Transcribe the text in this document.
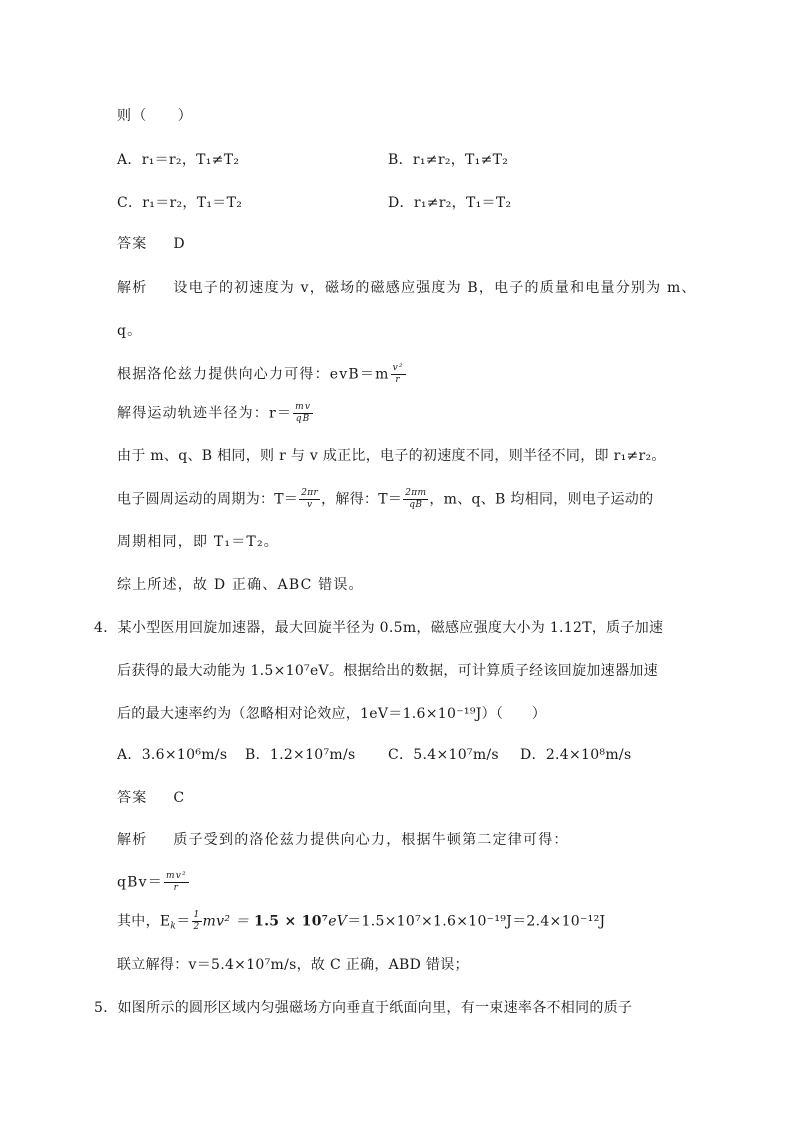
则（　　）
A．r₁＝r₂，T₁≠T₂	B．r₁≠r₂，T₁≠T₂
C．r₁＝r₂，T₁＝T₂	D．r₁≠r₂，T₁＝T₂
答案 D
解析 设电子的初速度为 v，磁场的磁感应强度为 B，电子的质量和电量分别为 m、
q。
根据洛伦兹力提供向心力可得：$evB=m \frac{\text{v²}}{r}$
解得运动轨迹半径为：$r= \frac{mv}{qB}$
由于 m、q、B 相同，则 r 与 v 成正比，电子的初速度不同，则半径不同，即 r₁≠r₂。
电子圆周运动的周期为：$T= \frac{2\pi r}{v}$ ，解得：$T= \frac{2\pi m}{qB}$ ，m、q、B 均相同，则电子运动的
周期相同，即 T₁＝T₂。
综上所述，故 D 正确、ABC 错误。
4．某小型医用回旋加速器，最大回旋半径为 0.5m，磁感应强度大小为 1.12T，质子加速
后获得的最大动能为 1.5×10⁷eV。根据给出的数据，可计算质子经该回旋加速器加速
后的最大速率约为（忽略相对论效应，1eV＝1.6×10⁻¹⁹J）（　　）
A．3.6×10⁶m/s B．1.2×10⁷m/s C．5.4×10⁷m/s D．2.4×10⁸m/s
答案 C
解析 质子受到的洛伦兹力提供向心力，根据牛顿第二定律可得：
$qBv= \frac{\text{mv²}}{r}$
其中，$E_k= \frac{1}{2} mv^2 = 1.5 \times 10^7eV=1.5\times 10^7\times 1.6\times 10^{-19}J=2.4\times 10^{-12}J$
联立解得：v＝5.4×10⁷m/s，故 C 正确，ABD 错误；
5．如图所示的圆形区域内匀强磁场方向垂直于纸面向里，有一束速率各不相同的质子
